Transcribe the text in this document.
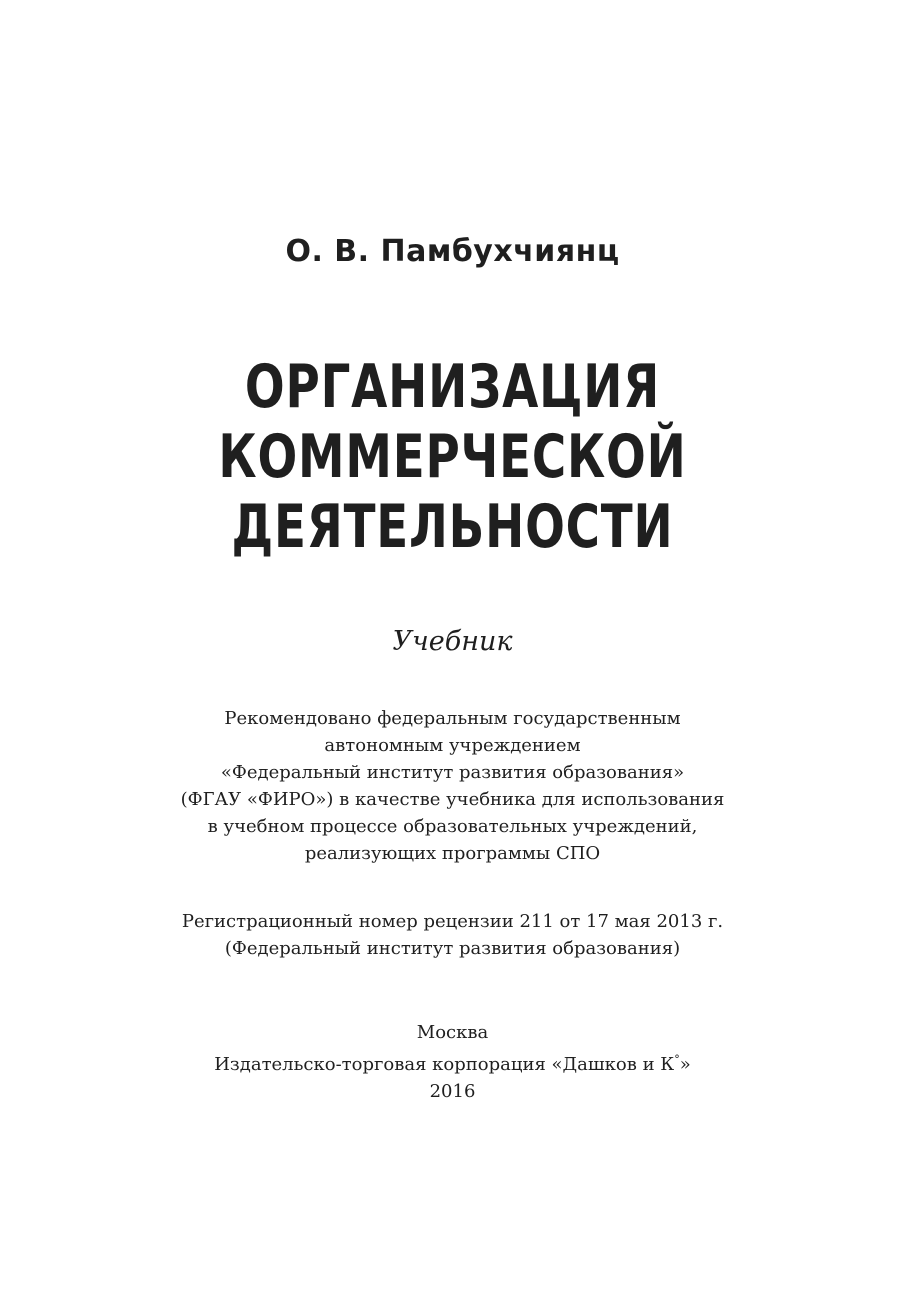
О. В. Памбухчиянц
ОРГАНИЗАЦИЯ
КОММЕРЧЕСКОЙ
ДЕЯТЕЛЬНОСТИ
Учебник
Рекомендовано федеральным государственным
автономным учреждением
«Федеральный институт развития образования»
(ФГАУ «ФИРО») в качестве учебника для использования
в учебном процессе образовательных учреждений,
реализующих программы СПО
Регистрационный номер рецензии 211 от 17 мая 2013 г.
(Федеральный институт развития образования)
Москва
Издательско-торговая корпорация «Дашков и К°»
2016
